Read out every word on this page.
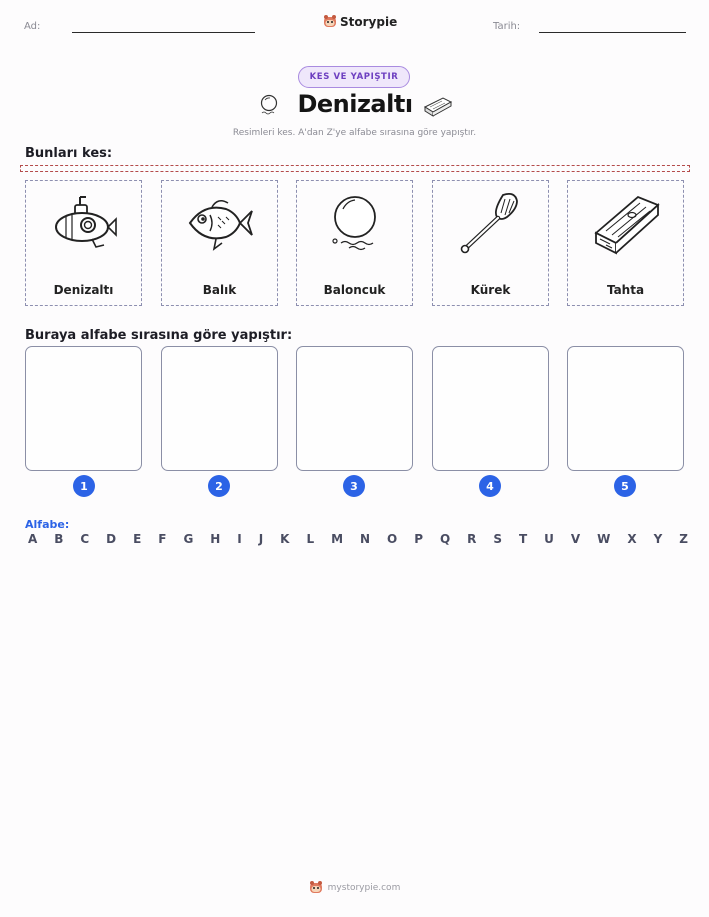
Ad:	Storypie	Tarih:
KES VE YAPIŞTIR
Denizaltı
Resimleri kes. A'dan Z'ye alfabe sırasına göre yapıştır.
Bunları kes:
Denizaltı	Balık	Baloncuk	Kürek	Tahta
Buraya alfabe sırasına göre yapıştır:
1	2	3	4	5
Alfabe:
A B C D E F G H I J K L M N O P Q R S T U V W X Y Z
mystorypie.com
